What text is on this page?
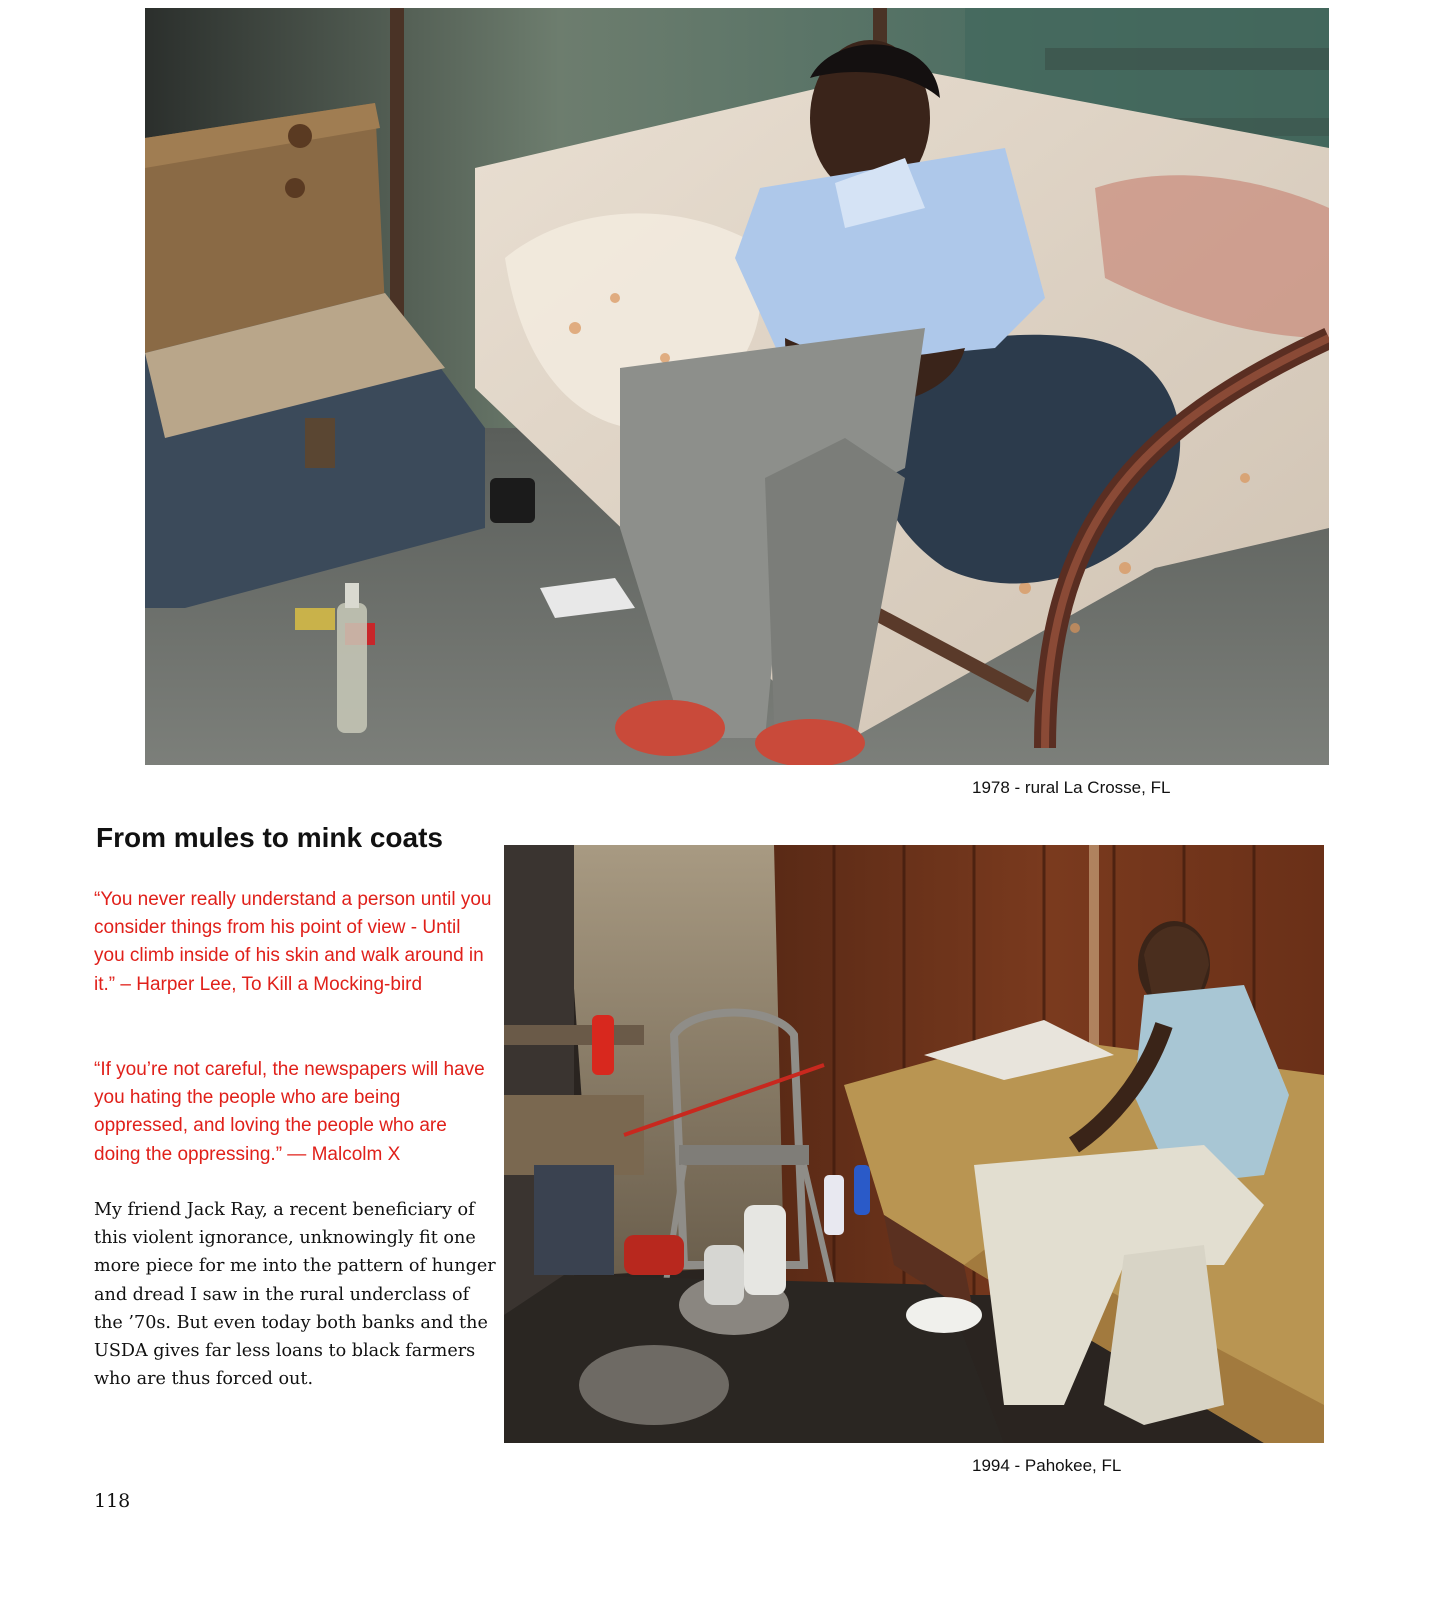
1978 - rural La Crosse, FL
From mules to mink coats

“You never really understand a person until you consider things from his point of view - Until you climb inside of his skin and walk around in it.” – Harper Lee, To Kill a Mocking-bird

“If you’re not careful, the newspapers will have you hating the people who are being oppressed, and loving the people who are doing the oppressing.” — Malcolm X

My friend Jack Ray, a recent beneficiary of this violent ignorance, unknowingly fit one more piece for me into the pattern of hunger and dread I saw in the rural underclass of the ’70s. But even today both banks and the USDA gives far less loans to black farmers who are thus forced out.

1994 - Pahokee, FL
118
